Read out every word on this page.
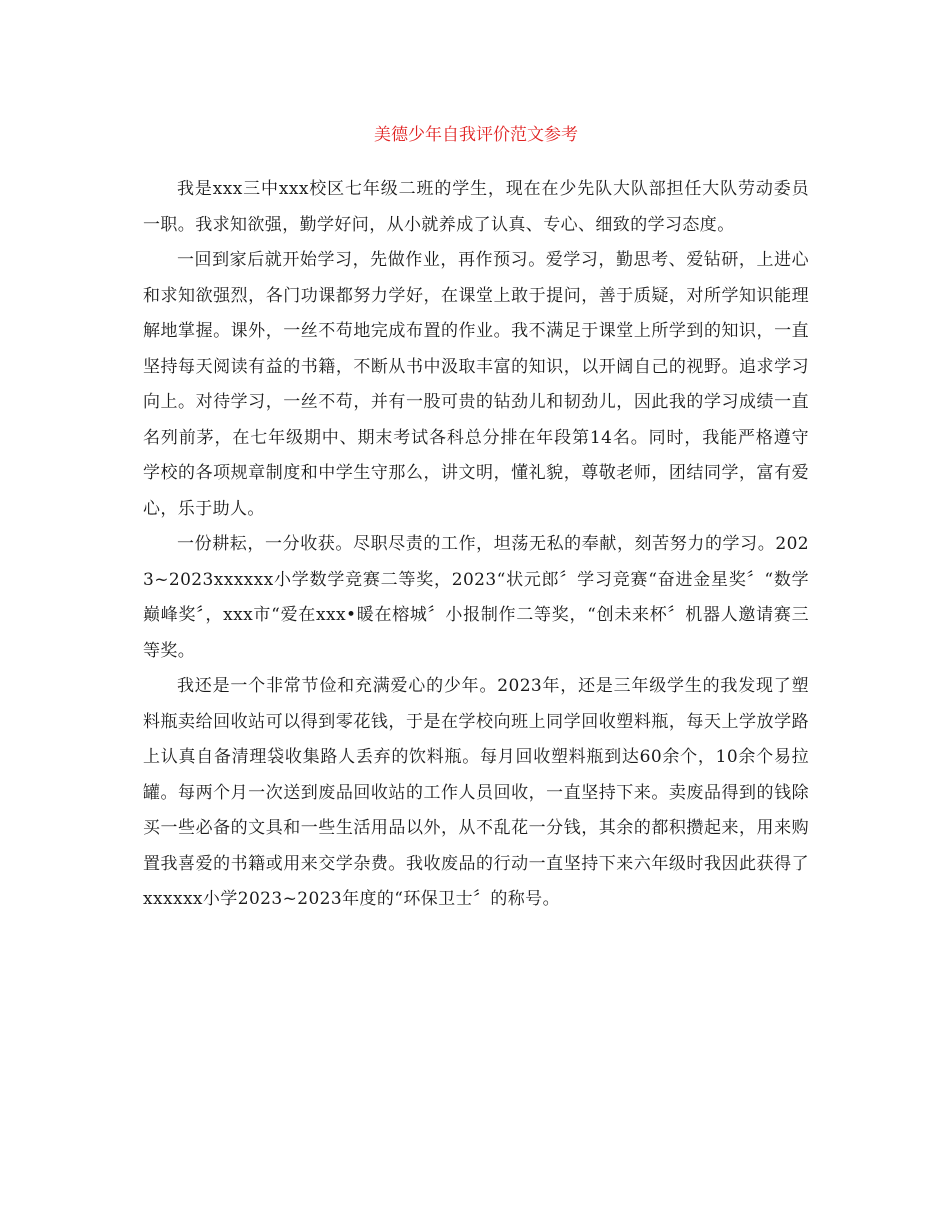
美德少年自我评价范文参考

我是xxx三中xxx校区七年级二班的学生，现在在少先队大队部担任大队劳动委员一职。我求知欲强，勤学好问，从小就养成了认真、专心、细致的学习态度。

一回到家后就开始学习，先做作业，再作预习。爱学习，勤思考、爱钻研，上进心和求知欲强烈，各门功课都努力学好，在课堂上敢于提问，善于质疑，对所学知识能理解地掌握。课外，一丝不苟地完成布置的作业。我不满足于课堂上所学到的知识，一直坚持每天阅读有益的书籍，不断从书中汲取丰富的知识，以开阔自己的视野。追求学习向上。对待学习，一丝不苟，并有一股可贵的钻劲儿和韧劲儿，因此我的学习成绩一直名列前茅，在七年级期中、期末考试各科总分排在年段第14名。同时，我能严格遵守学校的各项规章制度和中学生守那么，讲文明，懂礼貌，尊敬老师，团结同学，富有爱心，乐于助人。

一份耕耘，一分收获。尽职尽责的工作，坦荡无私的奉献，刻苦努力的学习。2023~2023xxxxxx小学数学竞赛二等奖，2023“状元郎〞学习竞赛“奋进金星奖〞“数学巅峰奖〞，xxx市“爱在xxx•暖在榕城〞小报制作二等奖，“创未来杯〞机器人邀请赛三等奖。

我还是一个非常节俭和充满爱心的少年。2023年，还是三年级学生的我发现了塑料瓶卖给回收站可以得到零花钱，于是在学校向班上同学回收塑料瓶，每天上学放学路上认真自备清理袋收集路人丢弃的饮料瓶。每月回收塑料瓶到达60余个，10余个易拉罐。每两个月一次送到废品回收站的工作人员回收，一直坚持下来。卖废品得到的钱除买一些必备的文具和一些生活用品以外，从不乱花一分钱，其余的都积攒起来，用来购置我喜爱的书籍或用来交学杂费。我收废品的行动一直坚持下来六年级时我因此获得了xxxxxx小学2023~2023年度的“环保卫士〞的称号。
